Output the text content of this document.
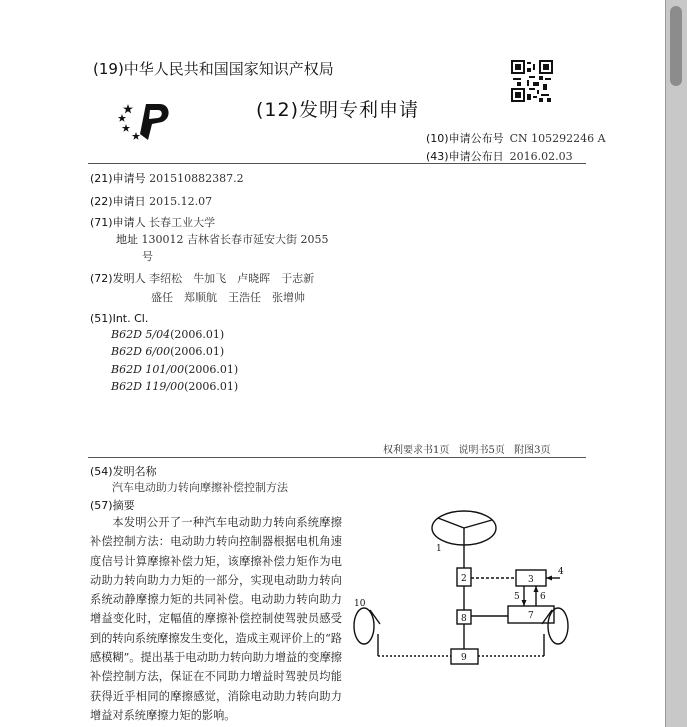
(19)中华人民共和国国家知识产权局
(12)发明专利申请
(10)申请公布号 CN 105292246 A
(43)申请公布日 2016.02.03
(21)申请号 201510882387.2
(22)申请日 2015.12.07
(71)申请人 长春工业大学
地址 130012 吉林省长春市延安大街 2055
号
(72)发明人 李绍松　牛加飞　卢晓晖　于志新
盛任　郑顺航　王浩任　张增帅
(51)Int. Cl.
B62D 5/04(2006.01)
B62D 6/00(2006.01)
B62D 101/00(2006.01)
B62D 119/00(2006.01)
权利要求书1页 说明书5页 附图3页
(54)发明名称
汽车电动助力转向摩擦补偿控制方法
(57)摘要
本发明公开了一种汽车电动助力转向系统摩擦补偿控制方法：电动助力转向控制器根据电机角速度信号计算摩擦补偿力矩，该摩擦补偿力矩作为电动助力转向助力力矩的一部分，实现电动助力转向系统动静摩擦力矩的共同补偿。电动助力转向助力增益变化时，定幅值的摩擦补偿控制使驾驶员感受到的转向系统摩擦发生变化，造成主观评价上的“路感模糊”。提出基于电动助力转向助力增益的变摩擦补偿控制方法，保证在不同助力增益时驾驶员均能获得近乎相同的摩擦感觉，消除电动助力转向助力增益对系统摩擦力矩的影响。
1
2	3
4
5 6
7
8
9
10
